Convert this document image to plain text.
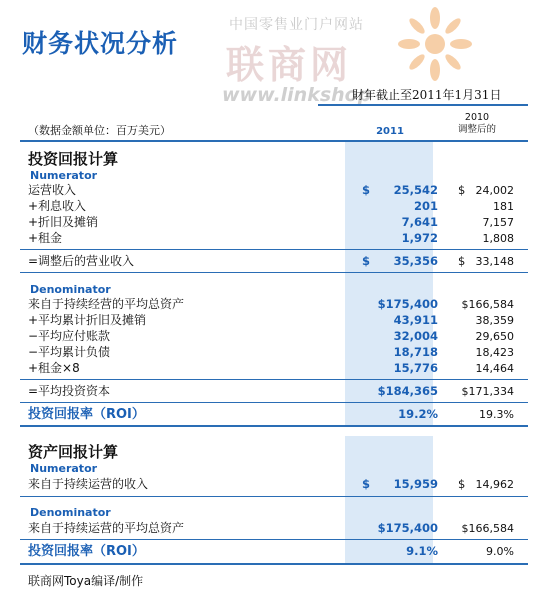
财务状况分析
中国零售业门户网站
联商网
www.linkshop
財年截止至2011年1月31日
（数据金额单位：百万美元）	2011
2010
调整后的
投资回报计算
Numerator
运营收入	$ 25,542 $ 24,002
+利息收入	201	181
+折旧及摊销	7,641	7,157
+租金	1,972	1,808
=调整后的营业收入	$ 35,356 $ 33,148
Denominator
来自于持续经营的平均总资产	$175,400 $166,584
+平均累计折旧及摊销	43,911	38,359
−平均应付账款	32,004	29,650
−平均累计负债	18,718	18,423
+租金×8	15,776	14,464
=平均投资资本	$184,365 $171,334
投资回报率（ROI）	19.2%	19.3%
资产回报计算
Numerator
来自于持续运营的收入	$ 15,959 $ 14,962
Denominator
来自于持续运营的平均总资产	$175,400 $166,584
投资回报率（ROI）	9.1%	9.0%
联商网Toya编译/制作
